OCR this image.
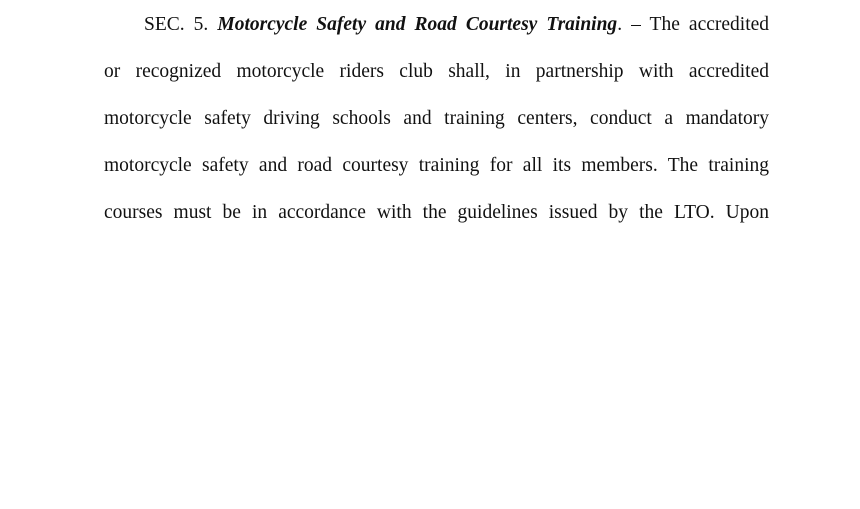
SEC. 5. Motorcycle Safety and Road Courtesy Training. – The accredited
or recognized motorcycle riders club shall, in partnership with accredited
motorcycle safety driving schools and training centers, conduct a mandatory
motorcycle safety and road courtesy training for all its members. The training
courses must be in accordance with the guidelines issued by the LTO. Upon
